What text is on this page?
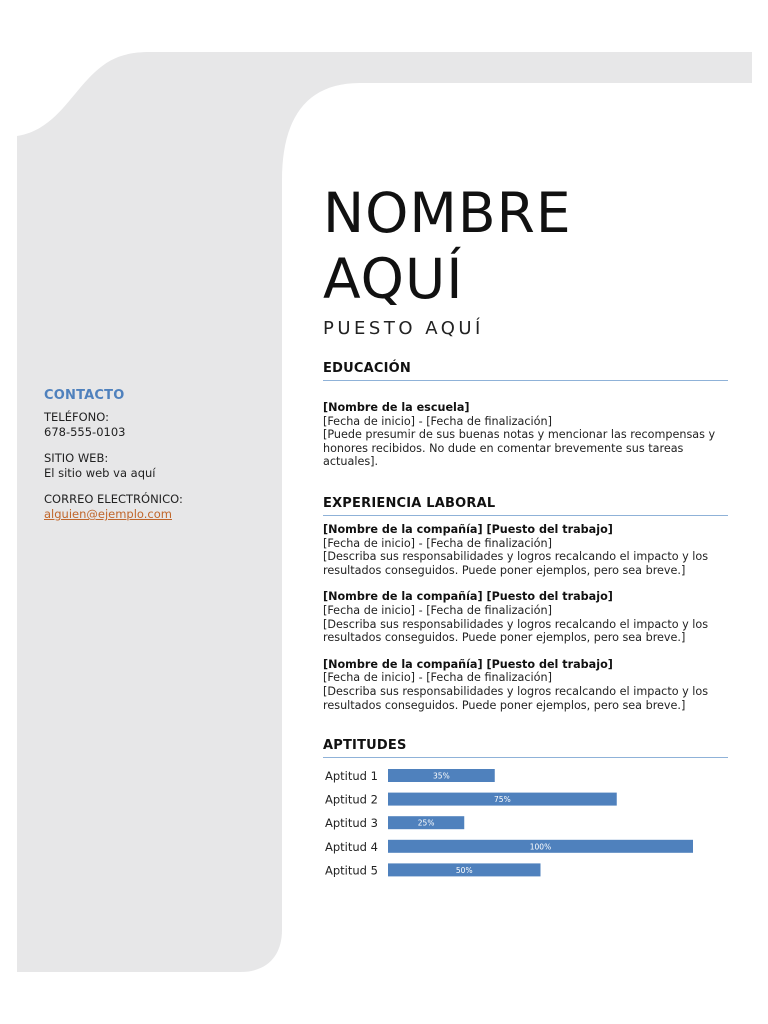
CONTACTO
TELÉFONO:
678-555-0103
SITIO WEB:
El sitio web va aquí
CORREO ELECTRÓNICO:
alguien@ejemplo.com
NOMBRE
AQUÍ
PUESTO AQUÍ
EDUCACIÓN
[Nombre de la escuela]
[Fecha de inicio] - [Fecha de finalización]
[Puede presumir de sus buenas notas y mencionar las recompensas y honores recibidos. No dude en comentar brevemente sus tareas actuales].
EXPERIENCIA LABORAL
[Nombre de la compañía] [Puesto del trabajo]
[Fecha de inicio] - [Fecha de finalización]
[Describa sus responsabilidades y logros recalcando el impacto y los resultados conseguidos. Puede poner ejemplos, pero sea breve.]
[Nombre de la compañía] [Puesto del trabajo]
[Fecha de inicio] - [Fecha de finalización]
[Describa sus responsabilidades y logros recalcando el impacto y los resultados conseguidos. Puede poner ejemplos, pero sea breve.]
[Nombre de la compañía] [Puesto del trabajo]
[Fecha de inicio] - [Fecha de finalización]
[Describa sus responsabilidades y logros recalcando el impacto y los resultados conseguidos. Puede poner ejemplos, pero sea breve.]
APTITUDES
Aptitud 1	35%
Aptitud 2	75%
Aptitud 3	25%
Aptitud 4	100%
Aptitud 5	50%
